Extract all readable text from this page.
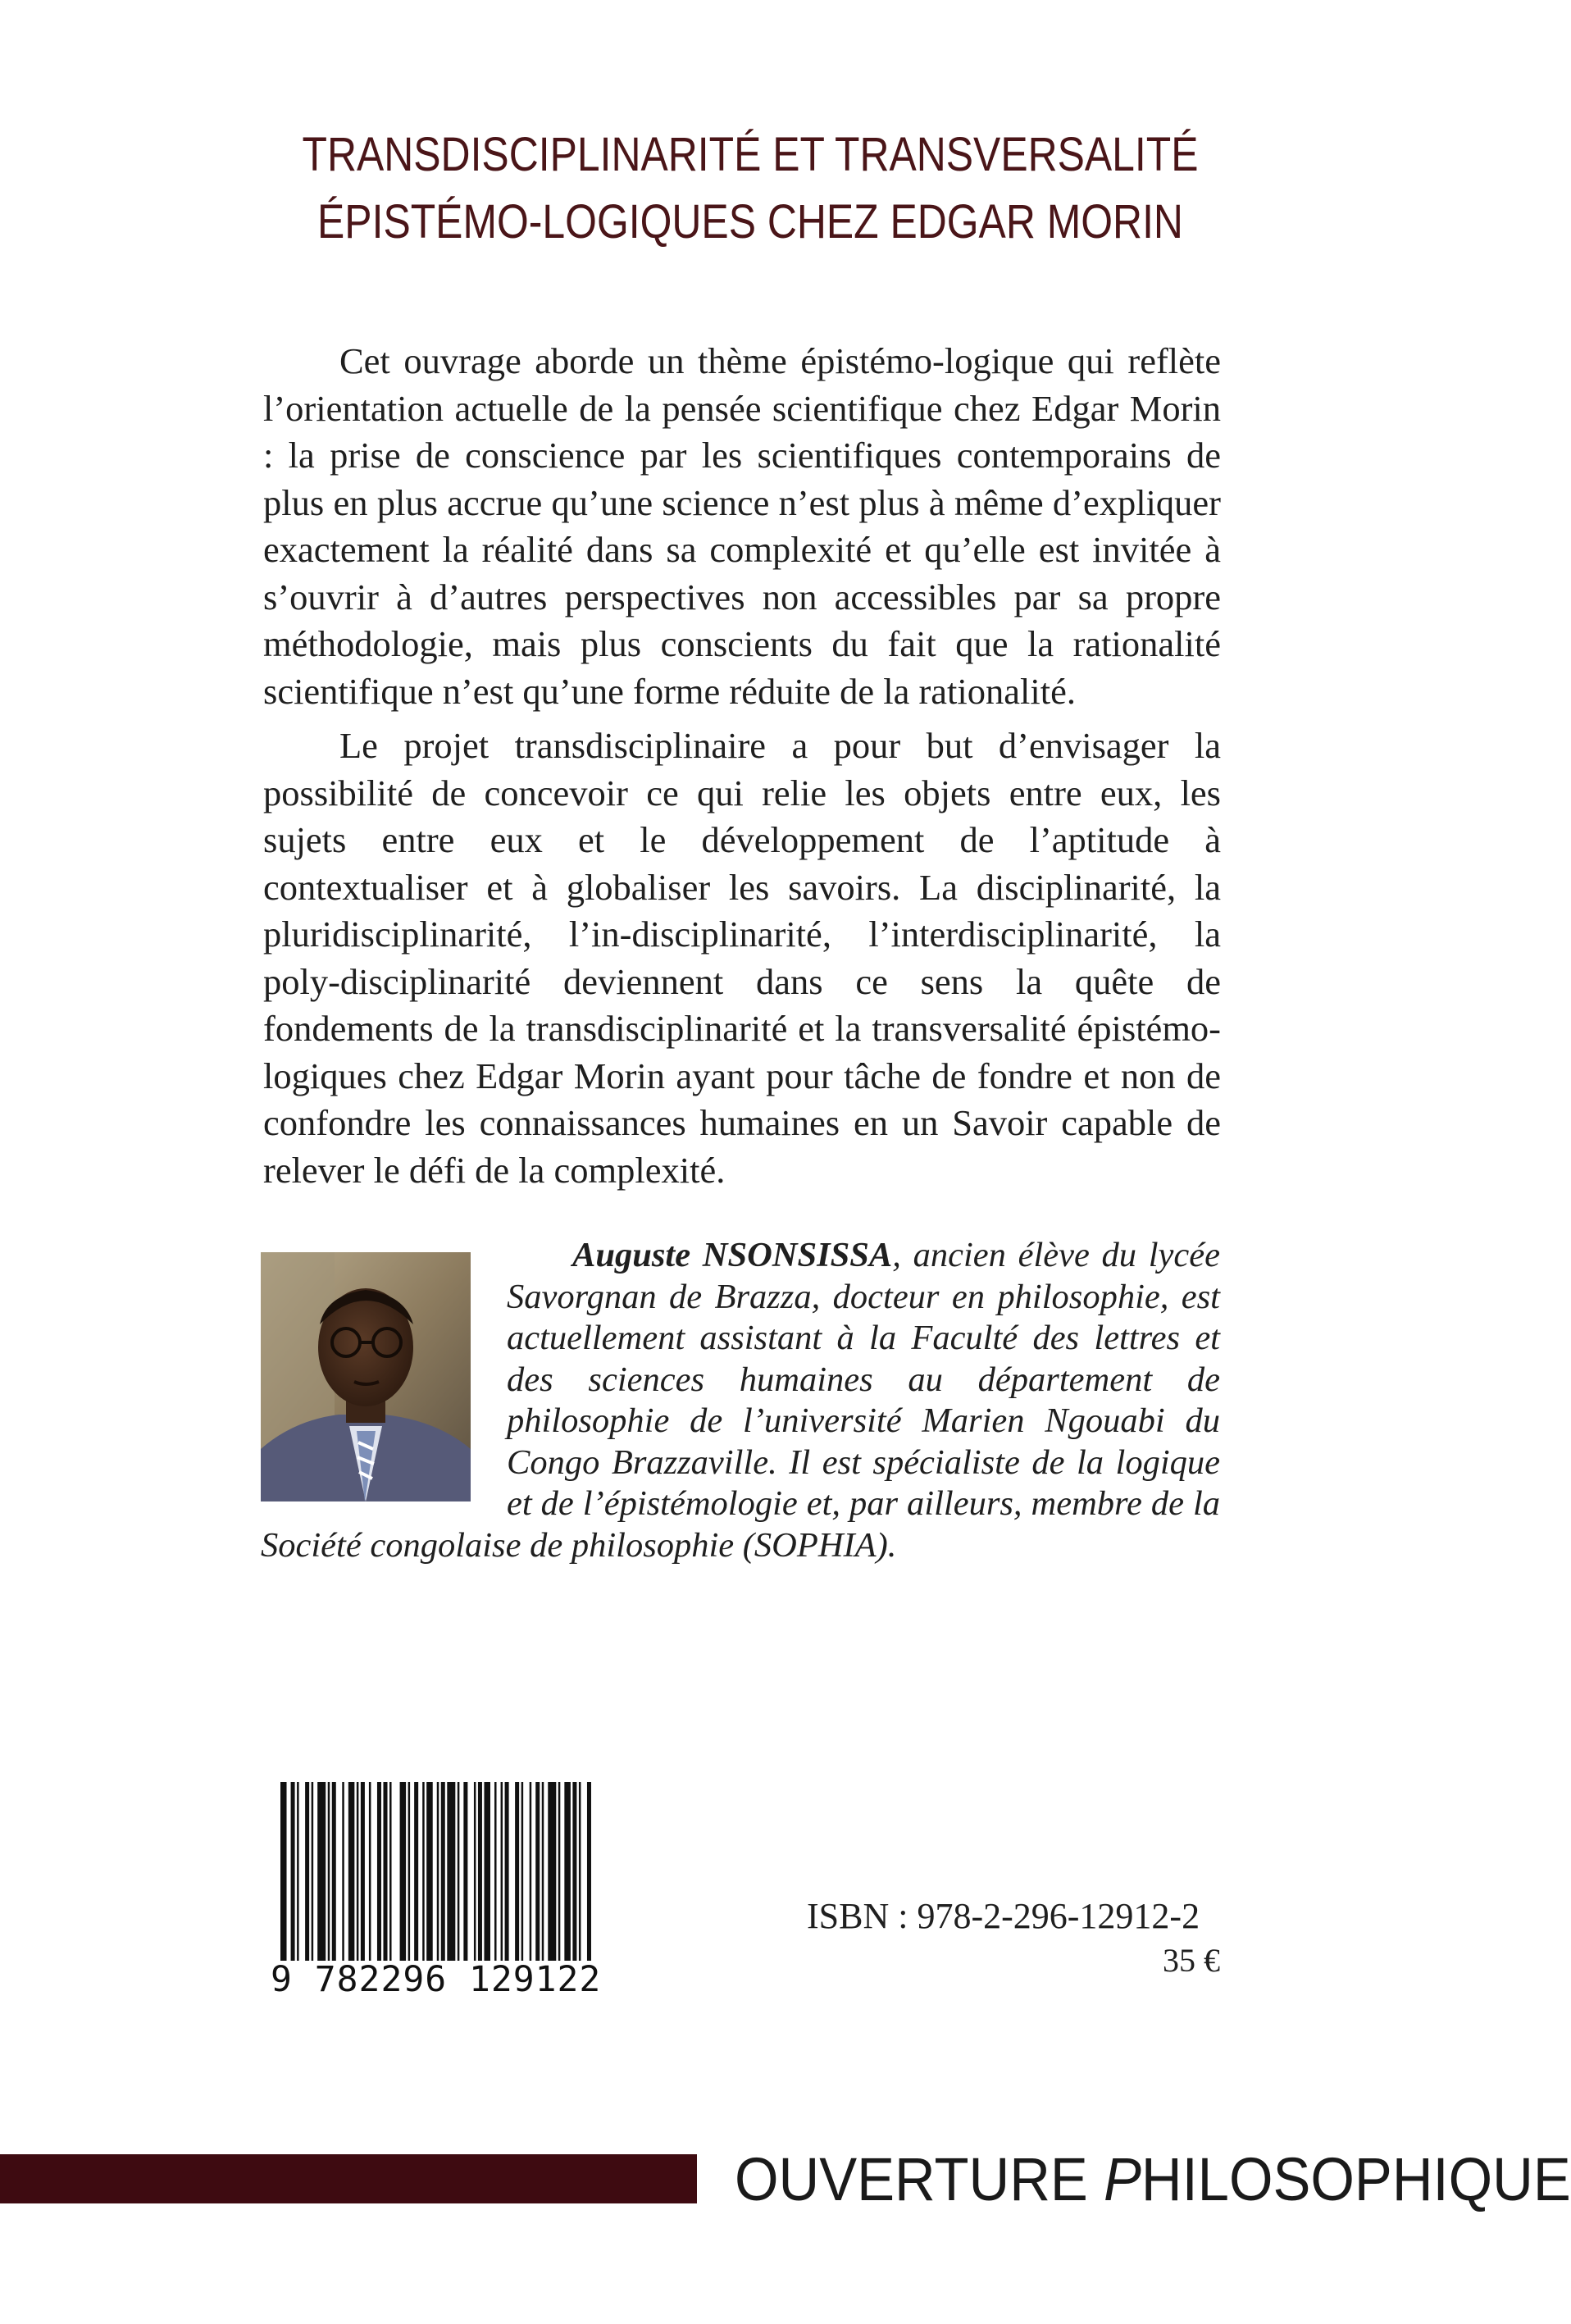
TRANSDISCIPLINARITÉ ET TRANSVERSALITÉ
ÉPISTÉMO-LOGIQUES CHEZ EDGAR MORIN

Cet ouvrage aborde un thème épistémo-logique qui reflète l’orientation actuelle de la pensée scientifique chez Edgar Morin : la prise de conscience par les scientifiques contemporains de plus en plus accrue qu’une science n’est plus à même d’expliquer exactement la réalité dans sa complexité et qu’elle est invitée à s’ouvrir à d’autres perspectives non accessibles par sa propre méthodologie, mais plus conscients du fait que la rationalité scientifique n’est qu’une forme réduite de la rationalité.

Le projet transdisciplinaire a pour but d’envisager la possibilité de concevoir ce qui relie les objets entre eux, les sujets entre eux et le développement de l’aptitude à contextualiser et à globaliser les savoirs. La disciplinarité, la pluridisciplinarité, l’in-disciplinarité, l’interdisciplinarité, la poly-disciplinarité deviennent dans ce sens la quête de fondements de la transdisciplinarité et la transversalité épistémo-logiques chez Edgar Morin ayant pour tâche de fondre et non de confondre les connaissances humaines en un Savoir capable de relever le défi de la complexité.

Auguste NSONSISSA, ancien élève du lycée Savorgnan de Brazza, docteur en philosophie, est actuellement assistant à la Faculté des lettres et des sciences humaines au département de philosophie de l’université Marien Ngouabi du Congo Brazzaville. Il est spécialiste de la logique et de l’épistémologie et, par ailleurs, membre de la Société congolaise de philosophie (SOPHIA).
9 782296 129122
ISBN : 978-2-296-12912-2
35 €
OUVERTURE PHILOSOPHIQUE
